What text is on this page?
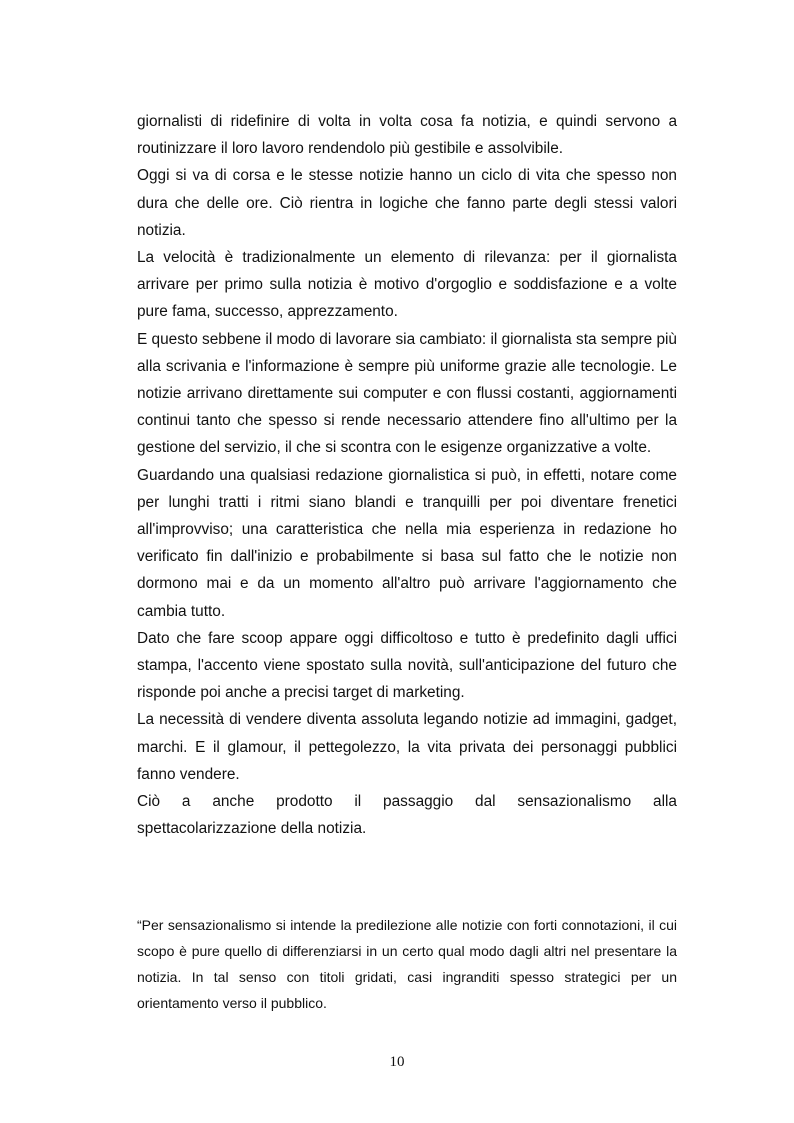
giornalisti di ridefinire di volta in volta cosa fa notizia, e quindi servono a routinizzare il loro lavoro rendendolo più gestibile e assolvibile.

Oggi si va di corsa e le stesse notizie hanno un ciclo di vita che spesso non dura che delle ore. Ciò rientra in logiche che fanno parte degli stessi valori notizia.

La velocità è tradizionalmente un elemento di rilevanza: per il giornalista arrivare per primo sulla notizia è motivo d'orgoglio e soddisfazione e a volte pure fama, successo, apprezzamento.

E questo sebbene il modo di lavorare sia cambiato: il giornalista sta sempre più alla scrivania e l'informazione è sempre più uniforme grazie alle tecnologie. Le notizie arrivano direttamente sui computer e con flussi costanti, aggiornamenti continui tanto che spesso si rende necessario attendere fino all'ultimo per la gestione del servizio, il che si scontra con le esigenze organizzative a volte.

Guardando una qualsiasi redazione giornalistica si può, in effetti, notare come per lunghi tratti i ritmi siano blandi e tranquilli per poi diventare frenetici all'improvviso; una caratteristica che nella mia esperienza in redazione ho verificato fin dall'inizio e probabilmente si basa sul fatto che le notizie non dormono mai e da un momento all'altro può arrivare l'aggiornamento che cambia tutto.

Dato che fare scoop appare oggi difficoltoso e tutto è predefinito dagli uffici stampa, l'accento viene spostato sulla novità, sull'anticipazione del futuro che risponde poi anche a precisi target di marketing.

La necessità di vendere diventa assoluta legando notizie ad immagini, gadget, marchi. E il glamour, il pettegolezzo, la vita privata dei personaggi pubblici fanno vendere.

Ciò a anche prodotto il passaggio dal sensazionalismo alla spettacolarizzazione della notizia.

“Per sensazionalismo si intende la predilezione alle notizie con forti connotazioni, il cui scopo è pure quello di differenziarsi in un certo qual modo dagli altri nel presentare la notizia. In tal senso con titoli gridati, casi ingranditi spesso strategici per un orientamento verso il pubblico.

10
